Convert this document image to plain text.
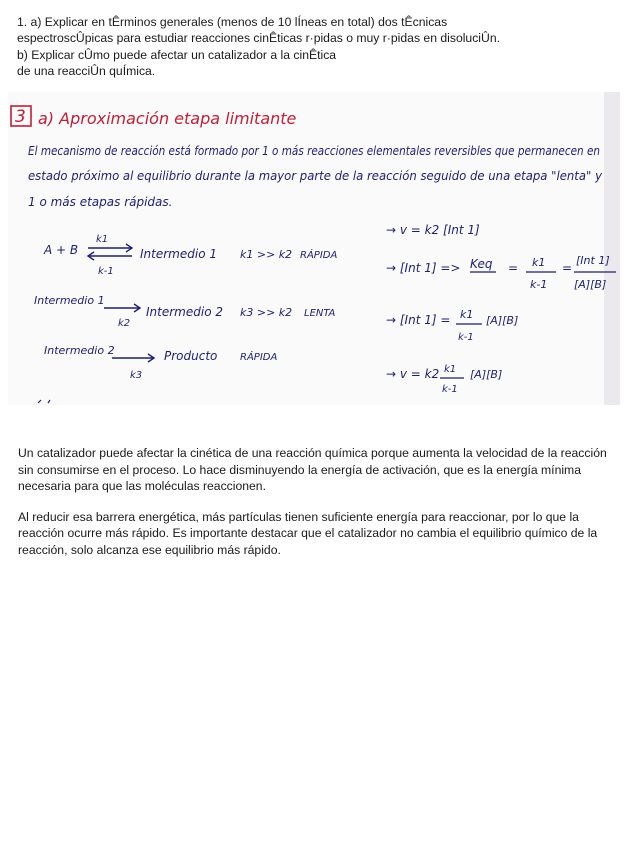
1. a) Explicar en tÊrminos generales (menos de 10 lÍneas en total) dos tÊcnicas
espectroscÛpicas para estudiar reacciones cinÊticas r·pidas o muy r·pidas en disoluciÛn.
b) Explicar cÛmo puede afectar un catalizador a la cinÊtica
de una reacciÛn quÍmica.
3 a) Aproximación etapa limitante
El mecanismo de reacción está formado por 1 o más reacciones elementales reversibles que permanecen en
estado próximo al equilibrio durante la mayor parte de la reacción seguido de una etapa "lenta" y
1 o más etapas rápidas.
A + B
k1
k-1
Intermedio 1 k1 >> k2 RÁPIDA
Intermedio 1
k2
Intermedio 2 k3 >> k2 LENTA
Intermedio 2
k3
Producto RÁPIDA
→ v = k2 [Int 1]
→ [Int 1] => Keq = k1
k-1
=
[Int 1]
[A][B]
→ [Int 1] = k1
k-1
[A][B]
→ v = k2 k1
k-1
[A][B]

Un catalizador puede afectar la cinética de una reacción química porque aumenta la velocidad de la reacción sin consumirse en el proceso. Lo hace disminuyendo la energía de activación, que es la energía mínima necesaria para que las moléculas reaccionen.

Al reducir esa barrera energética, más partículas tienen suficiente energía para reaccionar, por lo que la reacción ocurre más rápido. Es importante destacar que el catalizador no cambia el equilibrio químico de la reacción, solo alcanza ese equilibrio más rápido.
